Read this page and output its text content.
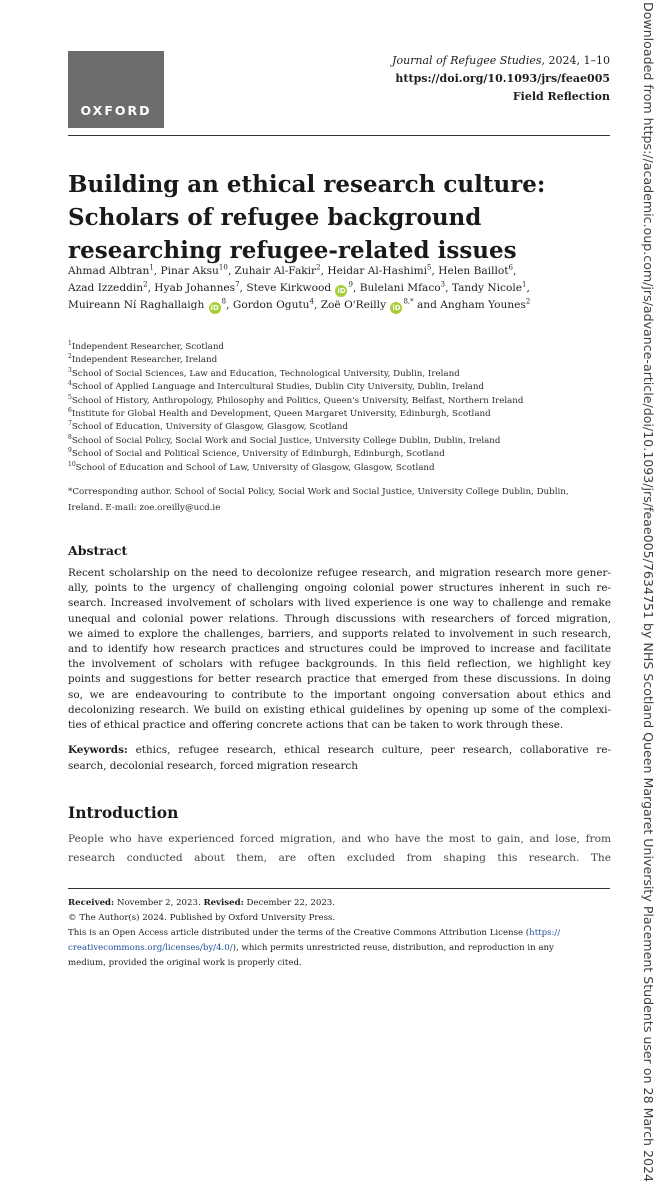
OXFORD
Journal of Refugee Studies, 2024, 1–10
https://doi.org/10.1093/jrs/feae005
Field Reflection
Building an ethical research culture:
Scholars of refugee background
researching refugee-related issues
Ahmad Albtran$^1$, Pinar Aksu$^{10}$, Zuhair Al-Fakir$^2$, Heidar Al-Hashimi$^5$, Helen Baillot$^6$,
Azad Izzeddin$^2$, Hyab Johannes$^7$, Steve Kirkwood $iD^9$, Bulelani Mfaco$^3$, Tandy Nicole$^1$,
Muireann Ní Raghallaigh $iD^8$, Gordon Ogutu$^4$, Zoë O'Reilly $iD^{8,*}$ and Angham Younes$^2$
$^1$Independent Researcher, Scotland
$^2$Independent Researcher, Ireland
$^3$School of Social Sciences, Law and Education, Technological University, Dublin, Ireland
$^4$School of Applied Language and Intercultural Studies, Dublin City University, Dublin, Ireland
$^5$School of History, Anthropology, Philosophy and Politics, Queen's University, Belfast, Northern Ireland
$^6$Institute for Global Health and Development, Queen Margaret University, Edinburgh, Scotland
$^7$School of Education, University of Glasgow, Glasgow, Scotland
$^8$School of Social Policy, Social Work and Social Justice, University College Dublin, Dublin, Ireland
$^9$School of Social and Political Science, University of Edinburgh, Edinburgh, Scotland
$^{10}$School of Education and School of Law, University of Glasgow, Glasgow, Scotland
*Corresponding author. School of Social Policy, Social Work and Social Justice, University College Dublin, Dublin, Ireland. E-mail: zoe.oreilly@ucd.ie
Abstract
Recent scholarship on the need to decolonize refugee research, and migration research more gener-
ally, points to the urgency of challenging ongoing colonial power structures inherent in such re-
search. Increased involvement of scholars with lived experience is one way to challenge and remake
unequal and colonial power relations. Through discussions with researchers of forced migration,
we aimed to explore the challenges, barriers, and supports related to involvement in such research,
and to identify how research practices and structures could be improved to increase and facilitate
the involvement of scholars with refugee backgrounds. In this field reflection, we highlight key
points and suggestions for better research practice that emerged from these discussions. In doing
so, we are endeavouring to contribute to the important ongoing conversation about ethics and
decolonizing research. We build on existing ethical guidelines by opening up some of the complexi-
ties of ethical practice and offering concrete actions that can be taken to work through these.
Keywords: ethics, refugee research, ethical research culture, peer research, collaborative re-
search, decolonial research, forced migration research
Introduction
People who have experienced forced migration, and who have the most to gain, and lose, from
research conducted about them, are often excluded from shaping this research. The
Received: November 2, 2023. Revised: December 22, 2023.
© The Author(s) 2024. Published by Oxford University Press.
This is an Open Access article distributed under the terms of the Creative Commons Attribution License (https://
creativecommons.org/licenses/by/4.0/), which permits unrestricted reuse, distribution, and reproduction in any
medium, provided the original work is properly cited.	Downloaded from https://academic.oup.com/jrs/advance-article/doi/10.1093/jrs/feae005/7634751 by NHS Scotland Queen Margaret University Placement Students user on 28 March 2024
